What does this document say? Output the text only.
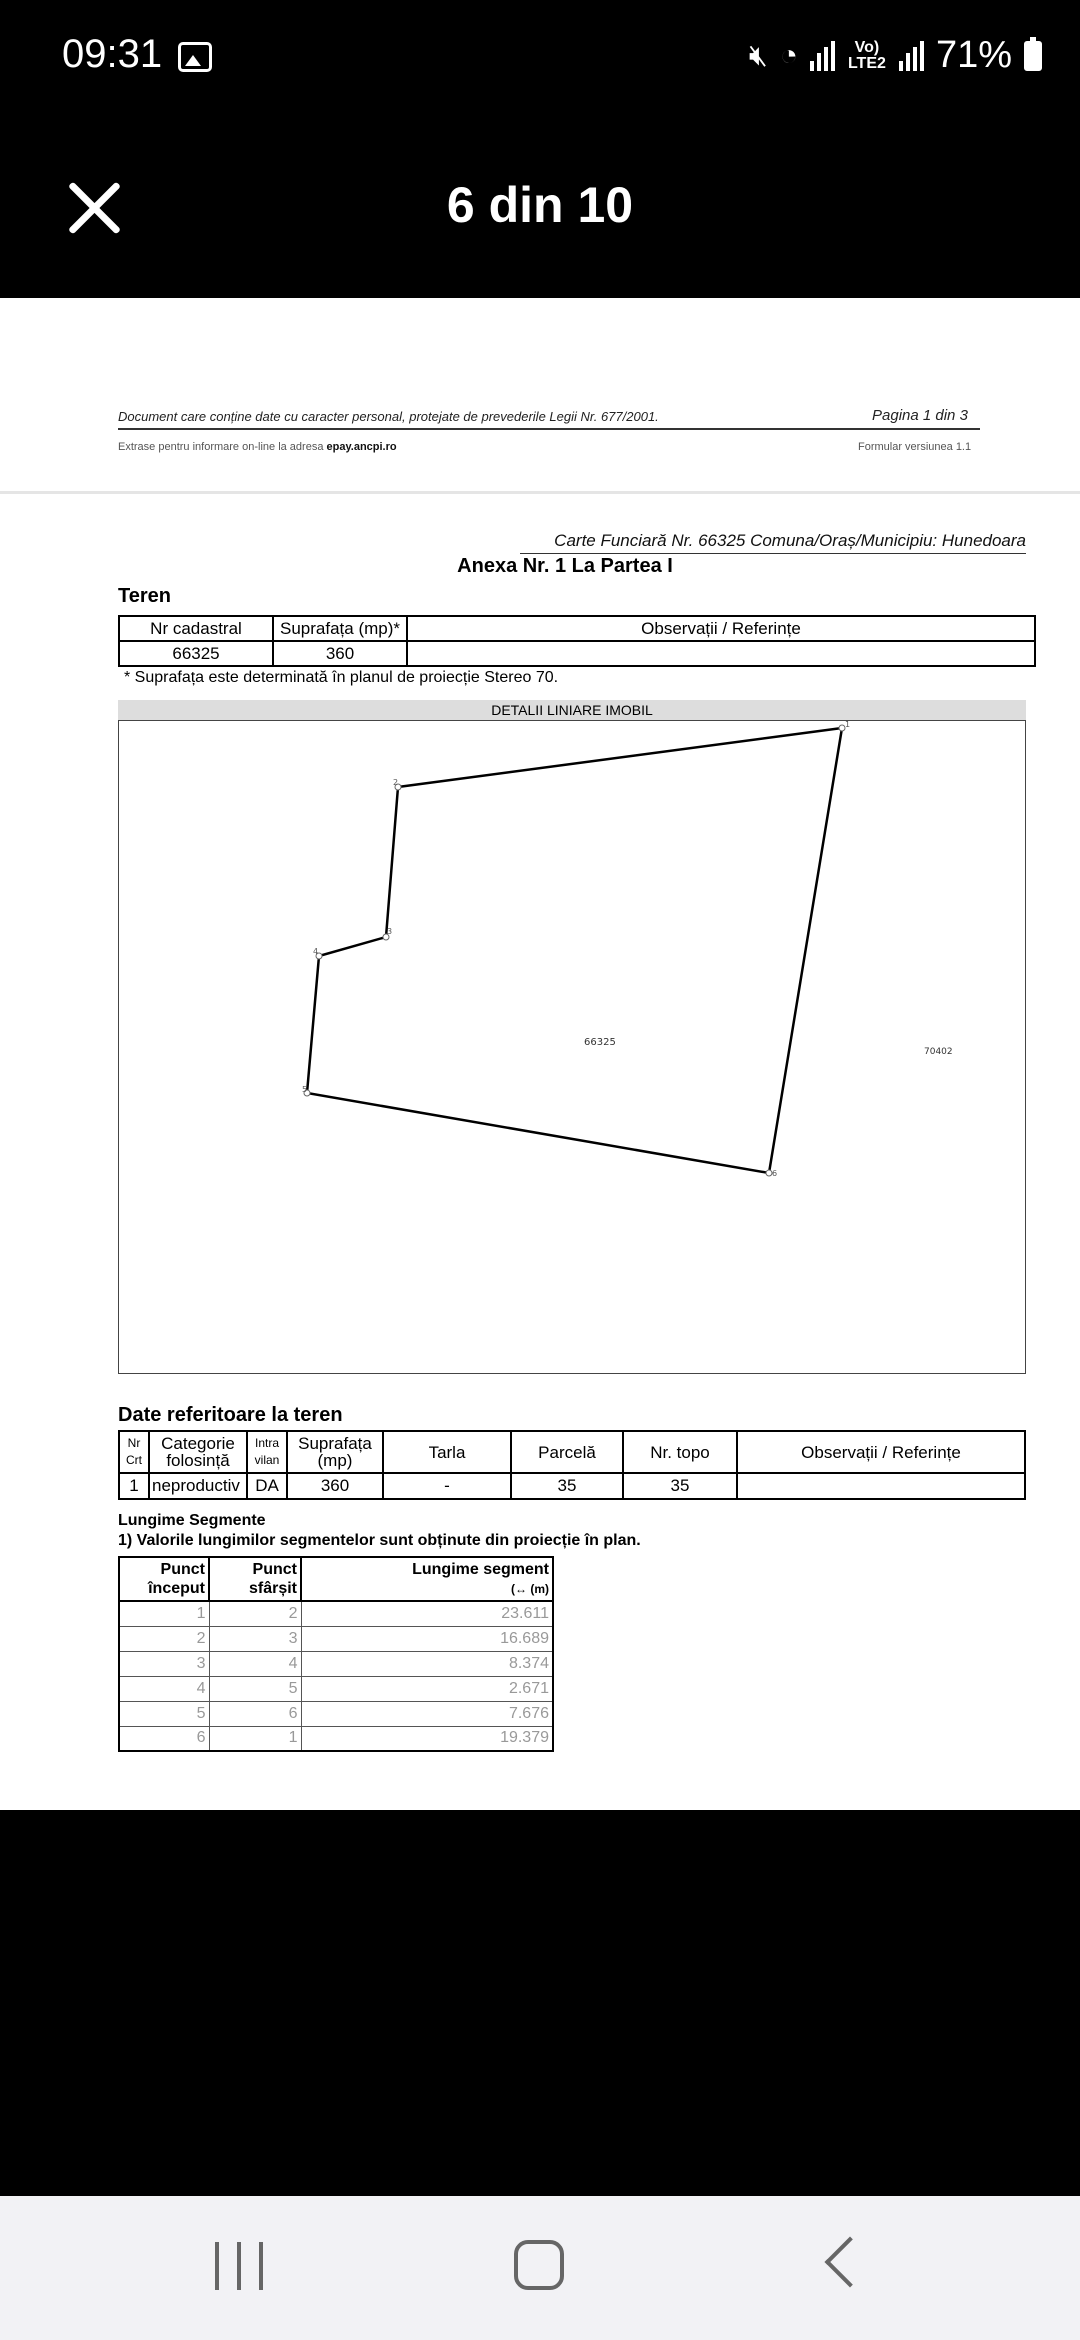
09:31	🔇︎ ◔	Vo) LTE2 71%
6 din 10
Document care conține date cu caracter personal, protejate de prevederile Legii Nr. 677/2001.	Pagina 1 din 3
Extrase pentru informare on-line la adresa epay.ancpi.ro	Formular versiunea 1.1
Carte Funciară Nr. 66325 Comuna/Oraș/Municipiu: Hunedoara
Anexa Nr. 1 La Partea I
Teren
Nr cadastral	Suprafața (mp)*	Observații / Referințe
66325	360	
* Suprafața este determinată în planul de proiecție Stereo 70.
DETALII LINIARE IMOBIL
1
2
3
4
5
6
66325
70402
Date referitoare la teren
Nr Crt	Categorie folosință	Intra vilan	Suprafața (mp)	Tarla	Parcelă	Nr. topo	Observații / Referințe
1	neproductiv	DA	360	-	35	35	
Lungime Segmente
1) Valorile lungimilor segmentelor sunt obținute din proiecție în plan.
Punct
început	Punct
sfârșit	Lungime segment
(↔ (m)
1	2	23.611
2	3	16.689
3	4	8.374
4	5	2.671
5	6	7.676
6	1	19.379
